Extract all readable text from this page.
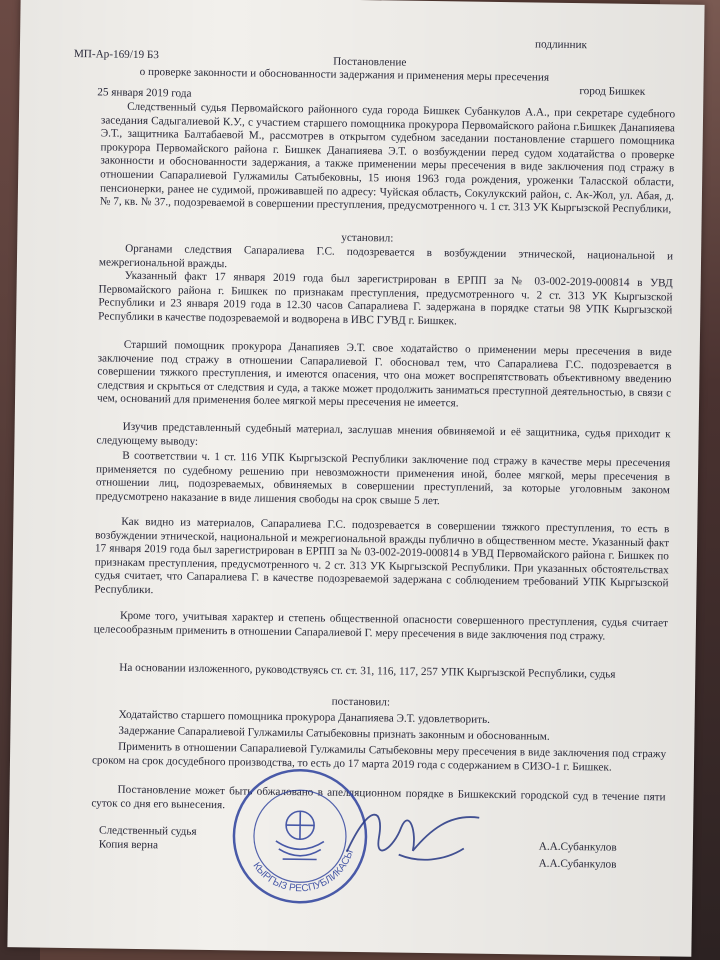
МП-Ар-169/19 Б3
подлинник
Постановление
о проверке законности и обоснованности задержания и применения меры пресечения
25 января 2019 года	город Бишкек
Следственный судья Первомайского районного суда города Бишкек Субанкулов А.А., при секретаре судебного заседания Садыгалиевой К.У., с участием старшего помощника прокурора Первомайского района г.Бишкек Данапияева Э.Т., защитника Балтабаевой М., рассмотрев в открытом судебном заседании постановление старшего помощника прокурора Первомайского района г. Бишкек Данапияева Э.Т. о возбуждении перед судом ходатайства о проверке законности и обоснованности задержания, а также применении меры пресечения в виде заключения под стражу в отношении Сапаралиевой Гулжамилы Сатыбековны, 15 июня 1963 года рождения, уроженки Таласской области, пенсионерки, ранее не судимой, проживавшей по адресу: Чуйская область, Сокулукский район, с. Ак-Жол, ул. Абая, д. № 7, кв. № 37., подозреваемой в совершении преступления, предусмотренного ч. 1 ст. 313 УК Кыргызской Республики,
установил:
Органами следствия Сапаралиева Г.С. подозревается в возбуждении этнической, национальной и межрегиональной вражды.
Указанный факт 17 января 2019 года был зарегистрирован в ЕРПП за № 03-002-2019-000814 в УВД Первомайского района г. Бишкек по признакам преступления, предусмотренного ч. 2 ст. 313 УК Кыргызской Республики и 23 января 2019 года в 12.30 часов Сапаралиева Г. задержана в порядке статьи 98 УПК Кыргызской Республики в качестве подозреваемой и водворена в ИВС ГУВД г. Бишкек.
Старший помощник прокурора Данапияев Э.Т. свое ходатайство о применении меры пресечения в виде заключение под стражу в отношении Сапаралиевой Г. обосновал тем, что Сапаралиева Г.С. подозревается в совершении тяжкого преступления, и имеются опасения, что она может воспрепятствовать объективному введению следствия и скрыться от следствия и суда, а также может продолжить заниматься преступной деятельностью, в связи с чем, оснований для применения более мягкой меры пресечения не имеется.
Изучив представленный судебный материал, заслушав мнения обвиняемой и её защитника, судья приходит к следующему выводу:
В соответствии ч. 1 ст. 116 УПК Кыргызской Республики заключение под стражу в качестве меры пресечения применяется по судебному решению при невозможности применения иной, более мягкой, меры пресечения в отношении лиц, подозреваемых, обвиняемых в совершении преступлений, за которые уголовным законом предусмотрено наказание в виде лишения свободы на срок свыше 5 лет.
Как видно из материалов, Сапаралиева Г.С. подозревается в совершении тяжкого преступления, то есть в возбуждении этнической, национальной и межрегиональной вражды публично в общественном месте. Указанный факт 17 января 2019 года был зарегистрирован в ЕРПП за № 03-002-2019-000814 в УВД Первомайского района г. Бишкек по признакам преступления, предусмотренного ч. 2 ст. 313 УК Кыргызской Республики. При указанных обстоятельствах судья считает, что Сапаралиева Г. в качестве подозреваемой задержана с соблюдением требований УПК Кыргызской Республики.
Кроме того, учитывая характер и степень общественной опасности совершенного преступления, судья считает целесообразным применить в отношении Сапаралиевой Г. меру пресечения в виде заключения под стражу.
На основании изложенного, руководствуясь ст. ст. 31, 116, 117, 257 УПК Кыргызской Республики, судья
постановил:
Ходатайство старшего помощника прокурора Данапияева Э.Т. удовлетворить.
Задержание Сапаралиевой Гулжамилы Сатыбековны признать законным и обоснованным.
Применить в отношении Сапаралиевой Гулжамилы Сатыбековны меру пресечения в виде заключения под стражу сроком на срок досудебного производства, то есть до 17 марта 2019 года с содержанием в СИЗО-1 г. Бишкек.
Постановление может быть обжаловано в апелляционном порядке в Бишкекский городской суд в течение пяти суток со дня его вынесения.
Следственный судья
Копия верна	А.А.Субанкулов
А.А.Субанкулов
КЫРГЫЗ РЕСПУБЛИКАСЫ
